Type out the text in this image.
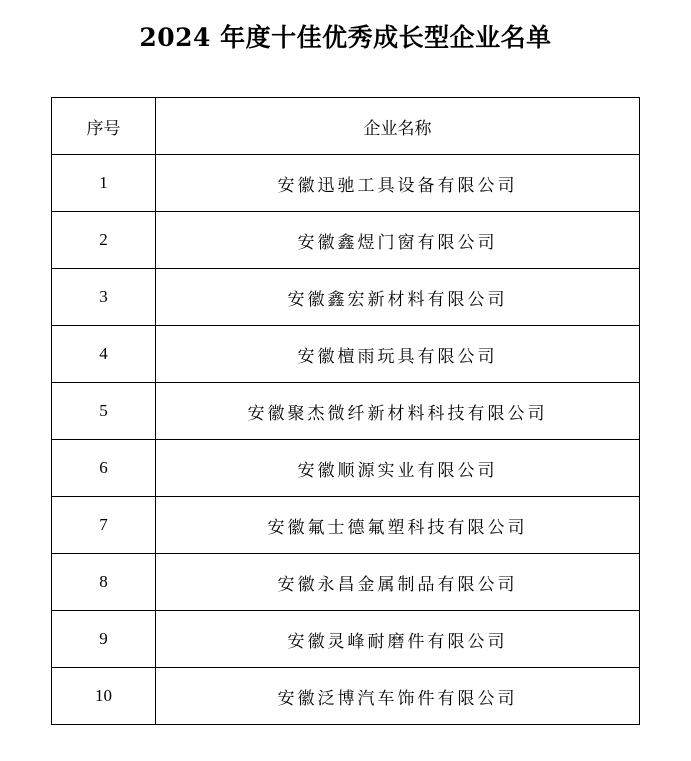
2024 年度十佳优秀成长型企业名单
序号	企业名称
1	安徽迅驰工具设备有限公司
2	安徽鑫煜门窗有限公司
3	安徽鑫宏新材料有限公司
4	安徽檀雨玩具有限公司
5	安徽聚杰微纤新材料科技有限公司
6	安徽顺源实业有限公司
7	安徽氟士德氟塑科技有限公司
8	安徽永昌金属制品有限公司
9	安徽灵峰耐磨件有限公司
10	安徽泛博汽车饰件有限公司
